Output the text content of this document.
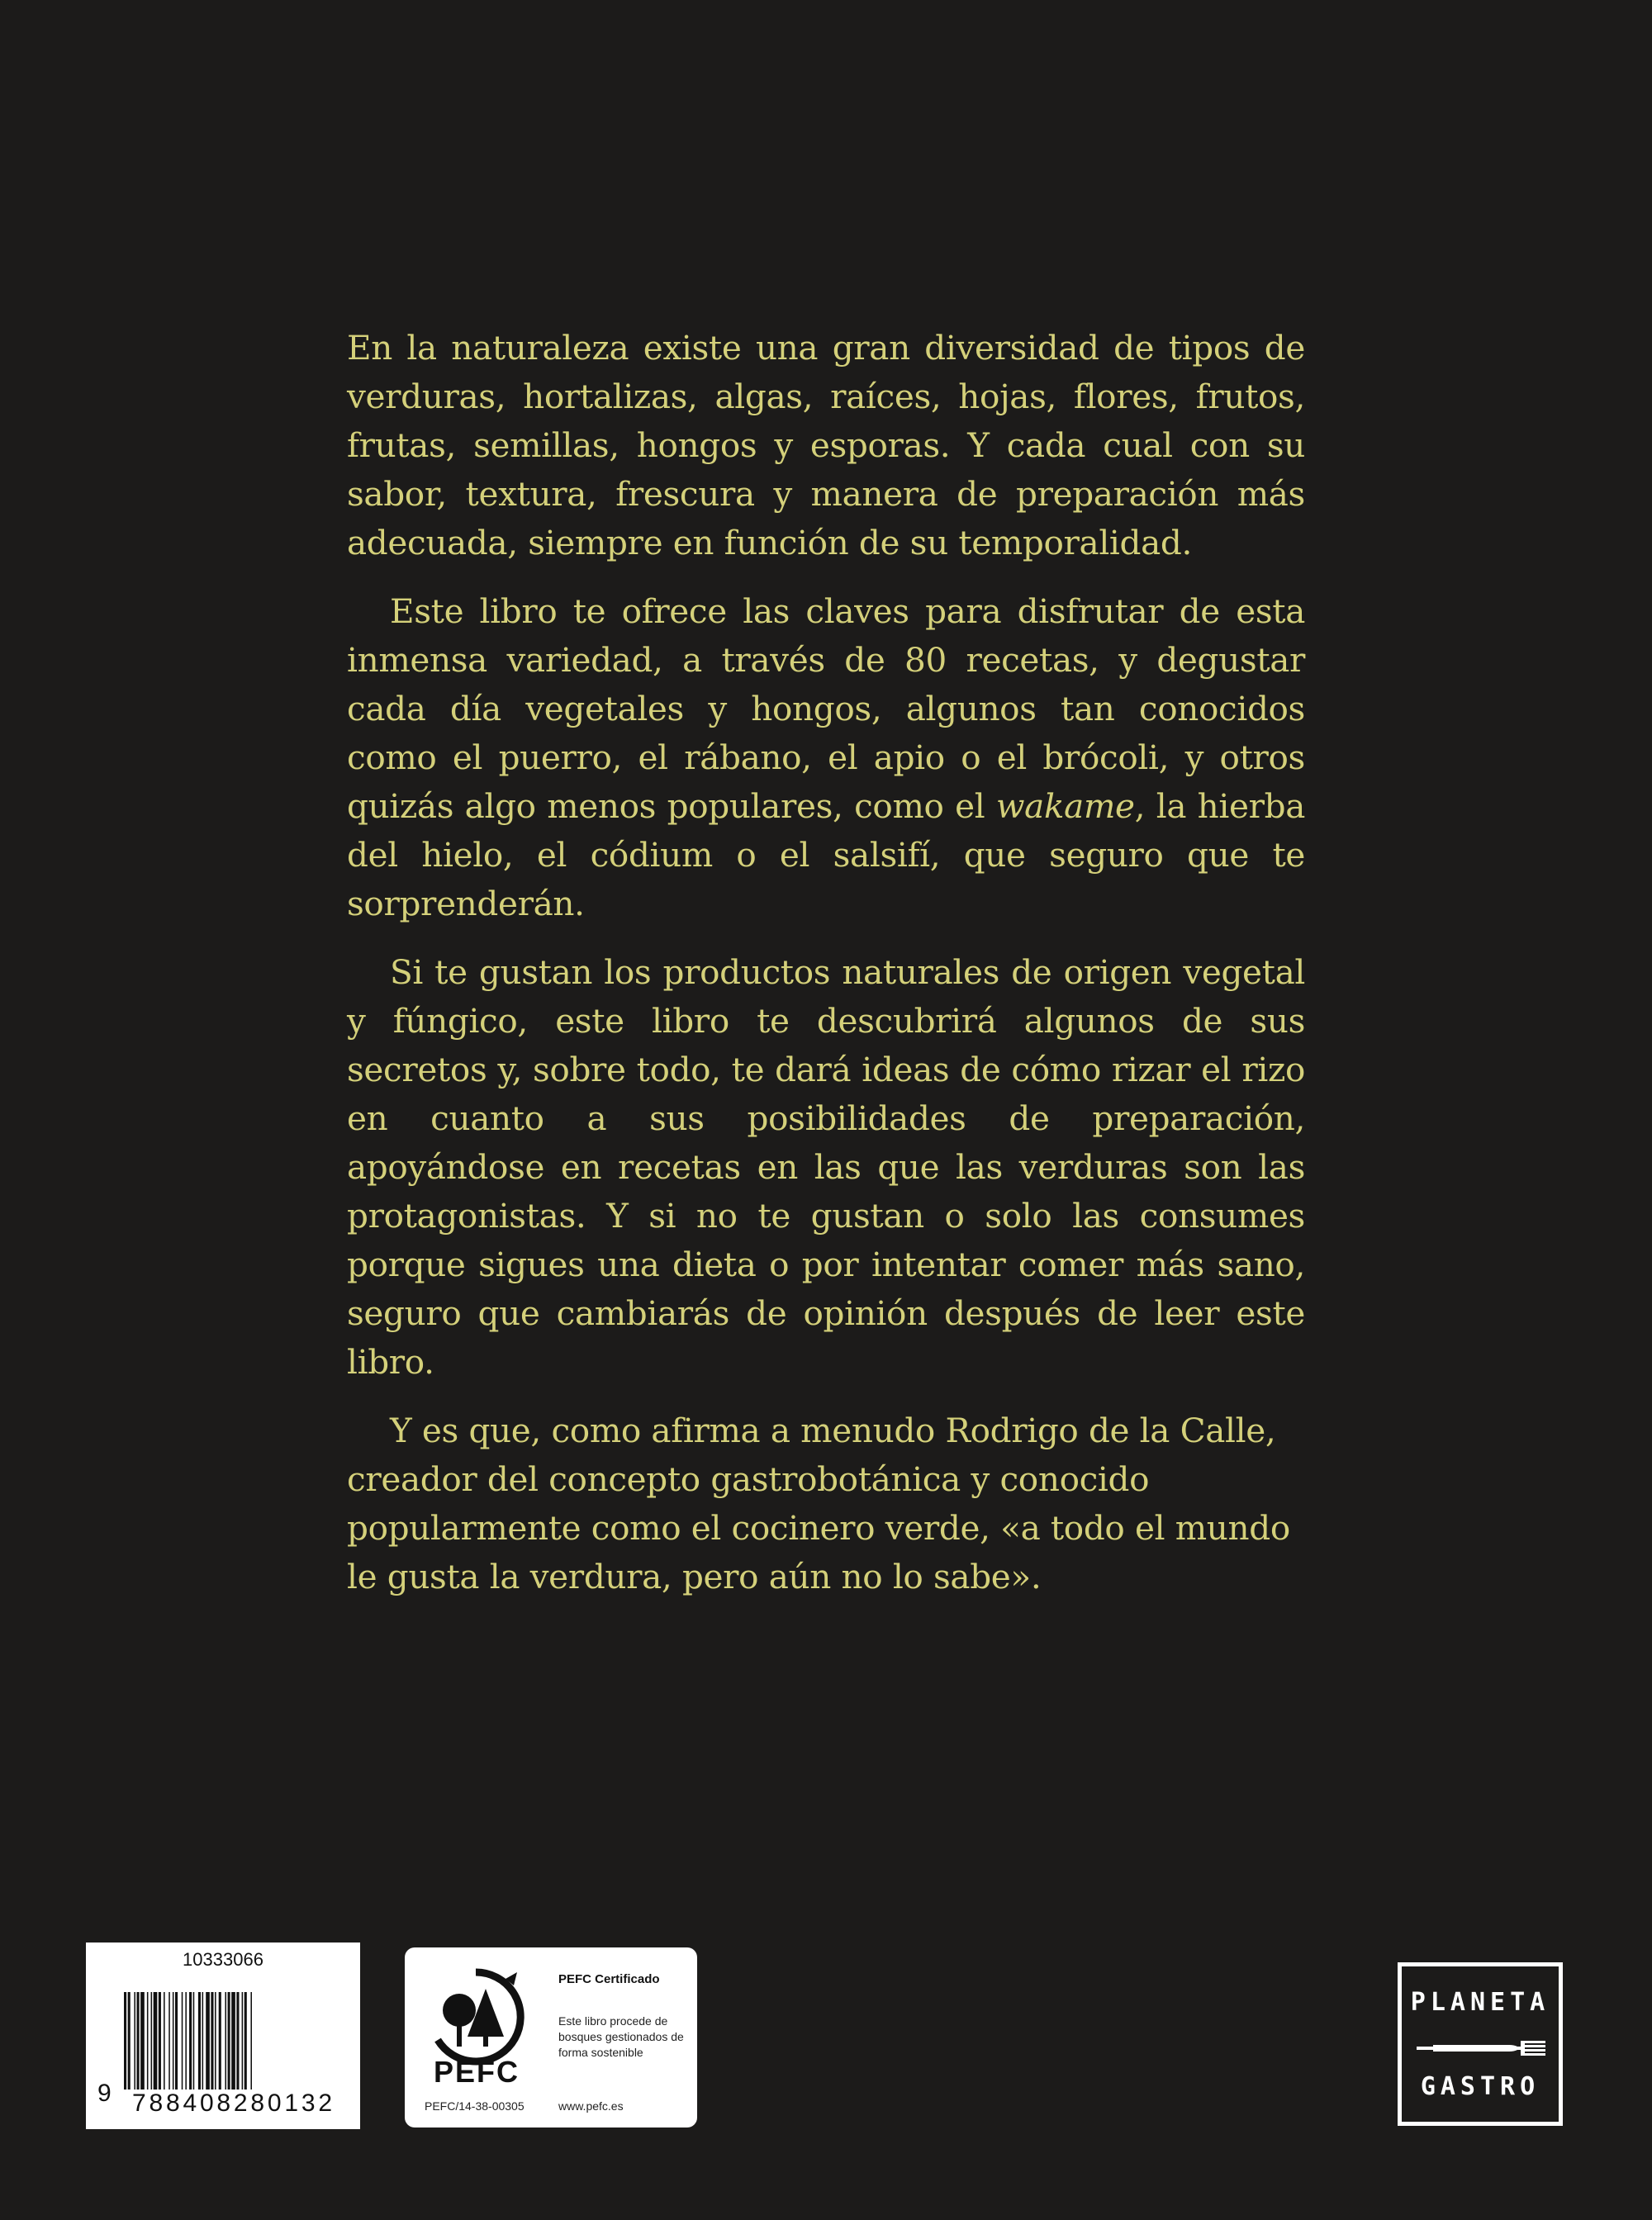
En la naturaleza existe una gran diversidad de tipos de verduras, hortalizas, algas, raíces, hojas, flores, frutos, frutas, semillas, hongos y esporas. Y cada cual con su sabor, textura, frescura y manera de preparación más adecuada, siempre en función de su temporalidad.

Este libro te ofrece las claves para disfrutar de esta inmensa variedad, a través de 80 recetas, y degustar cada día vegetales y hongos, algunos tan conocidos como el puerro, el rábano, el apio o el brócoli, y otros quizás algo menos populares, como el wakame, la hierba del hielo, el códium o el salsifí, que seguro que te sorprenderán.

Si te gustan los productos naturales de origen vegetal y fúngico, este libro te descubrirá algunos de sus secretos y, sobre todo, te dará ideas de cómo rizar el rizo en cuanto a sus posibilidades de preparación, apoyándose en recetas en las que las verduras son las protagonistas. Y si no te gustan o solo las consumes porque sigues una dieta o por intentar comer más sano, seguro que cambiarás de opinión después de leer este libro.

Y es que, como afirma a menudo Rodrigo de la Calle, creador del concepto gastrobotánica y conocido popularmente como el cocinero verde, «a todo el mundo le gusta la verdura, pero aún no lo sabe».

10333066
9 788408280132
PEFC
PEFC/14-38-00305
PEFC Certificado
Este libro procede de bosques gestionados de forma sostenible
www.pefc.es
PLANETA
GASTRO
